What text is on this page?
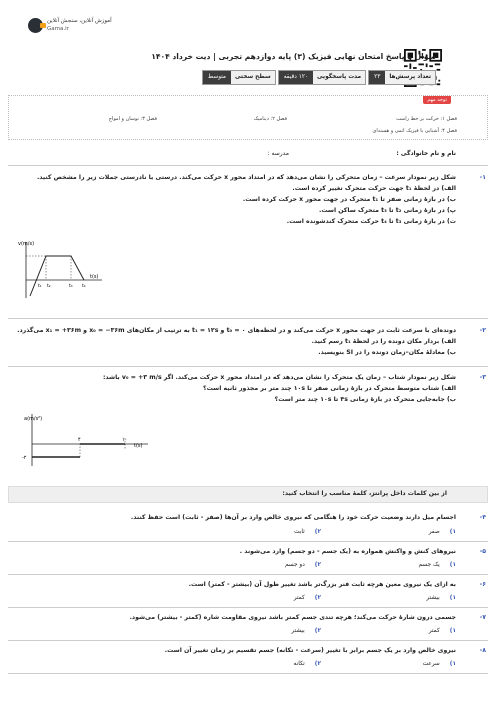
آموزش آنلاین، سنجش آنلاین
Gama.ir
سوال و پاسخ امتحان نهایی فیزیک (۳) پایه دوازدهم تجربی | دیت خرداد ۱۴۰۴
تعداد پرسش‌ها
۲۳
مدت پاسخگویی
۱۲۰ دقیقه
سطح سختی
متوسط
توجه مهم
فصل ۱: حرکت بر خط راست
فصل ۲: دینامیک
فصل ۳: نوسان و امواج
فصل ۴: آشنایی با فیزیک اتمی و هسته‌ای
نام و نام خانوادگی :
مدرسه :
۱-
شکل زیر نمودار سرعت – زمان متحرکی را نشان می‌دهد که در امتداد محور x حرکت می‌کند. درستی یا نادرستی جملات زیر را مشخص کنید.
الف) در لحظهٔ t₁ جهت حرکت متحرک تغییر کرده است.
ب) در بازهٔ زمانی صفر تا t₁ متحرک در جهت محور x حرکت کرده است.
پ) در بازهٔ زمانی t₂ تا t₃ متحرک ساکن است.
ت) در بازهٔ زمانی t₃ تا t₄ حرکت متحرک کندشونده است.
v(m/s)
t(s)
t₁ t₂	t₃ t₄
۲-
دونده‌ای با سرعت ثابت در جهت محور x حرکت می‌کند و در لحظه‌های t₀ = ۰ و t₁ = ۱۲s به ترتیب از مکان‌های x₀ = −۳۶m و x₁ = +۳۶m می‌گذرد.
الف) بردار مکان دونده را در لحظهٔ t₁ رسم کنید.
ب) معادلهٔ مکان–زمان دونده را در SI بنویسید.
۳-
شکل زیر نمودار شتاب – زمان یک متحرک را نشان می‌دهد که در امتداد محور x حرکت می‌کند. اگر v₀ = +۳ m/s باشد:
الف) شتاب متوسط متحرک در بازهٔ زمانی صفر تا ۱۰s چند متر بر مجذور ثانیه است؟
ب) جابه‌جایی متحرک در بازهٔ زمانی ۴s تا ۱۰s چند متر است؟
a(m/s²)
t(s)
۴	۱۰
-۲
از بین کلمات داخل پرانتز، کلمهٔ مناسب را انتخاب کنید:
۴-
اجسام میل دارند وضعیت حرکت خود را هنگامی که نیروی خالص وارد بر آن‌ها (صفر - ثابت) است حفظ کنند.
۱)صفر
۲)ثابت
۵-
نیروهای کنش و واکنش همواره به (یک جسم - دو جسم) وارد می‌شوند .
۱)یک جسم
۲)دو جسم
۶-
به ازای یک نیروی معین هرچه ثابت فنر بزرگ‌تر باشد تغییر طول آن (بیشتر - کمتر) است.
۱)بیشتر
۲)کمتر
۷-
جسمی درون شارهٔ حرکت می‌کند؛ هرچه تندی جسم کمتر باشد نیروی مقاومت شاره (کمتر - بیشتر) می‌شود.
۱)کمتر
۲)بیشتر
۸-
نیروی خالص وارد بر یک جسم برابر با تغییر (سرعت - تکانه) جسم تقسیم بر زمان تغییر آن است.
۱)سرعت
۲)تکانه
